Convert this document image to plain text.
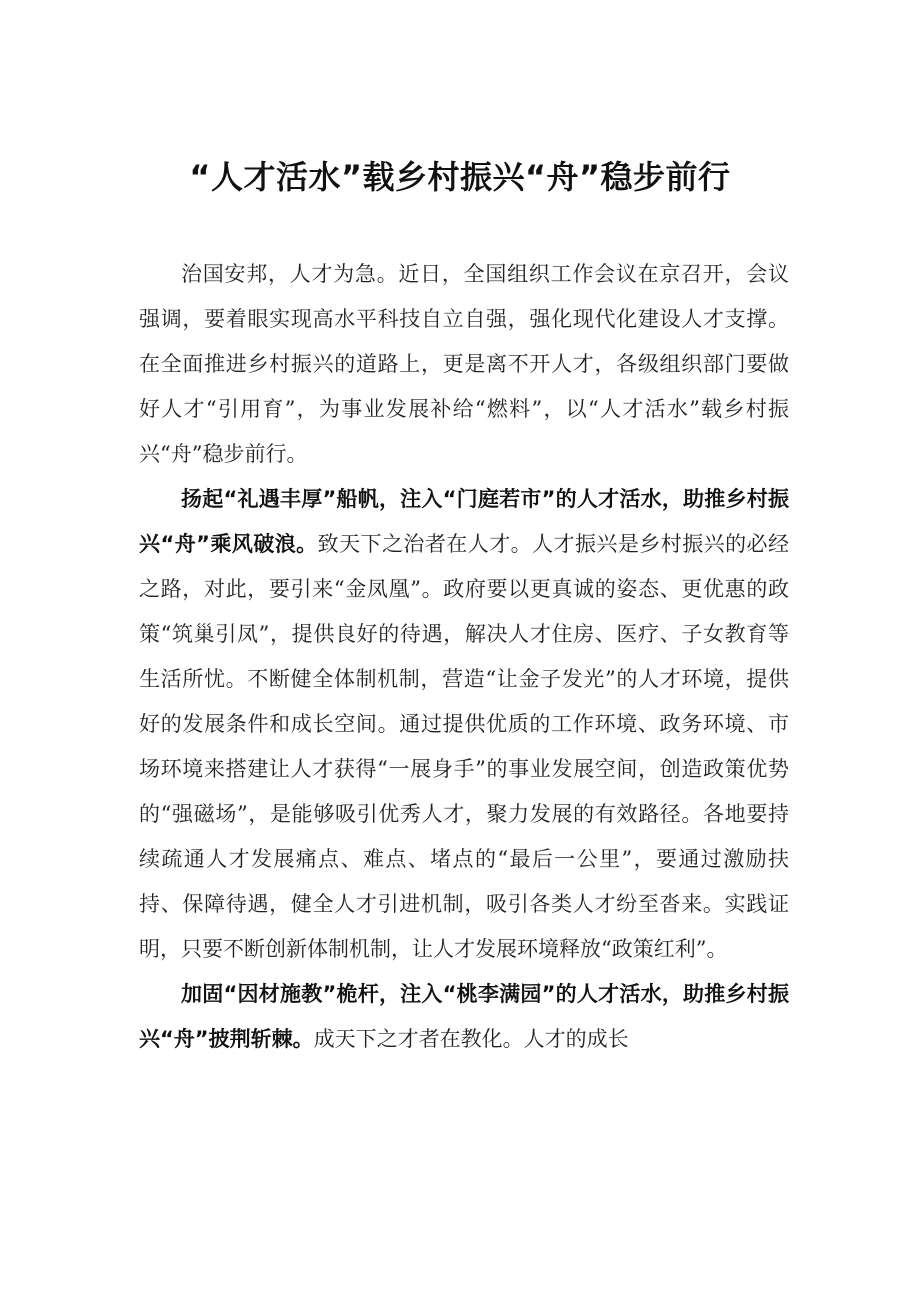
“人才活水”载乡村振兴“舟”稳步前行

治国安邦，人才为急。近日，全国组织工作会议在京召开，会议强调，要着眼实现高水平科技自立自强，强化现代化建设人才支撑。在全面推进乡村振兴的道路上，更是离不开人才，各级组织部门要做好人才“引用育”，为事业发展补给“燃料”，以“人才活水”载乡村振兴“舟”稳步前行。

扬起“礼遇丰厚”船帆，注入“门庭若市”的人才活水，助推乡村振兴“舟”乘风破浪。致天下之治者在人才。人才振兴是乡村振兴的必经之路，对此，要引来“金凤凰”。政府要以更真诚的姿态、更优惠的政策“筑巢引凤”，提供良好的待遇，解决人才住房、医疗、子女教育等生活所忧。不断健全体制机制，营造“让金子发光”的人才环境，提供好的发展条件和成长空间。通过提供优质的工作环境、政务环境、市场环境来搭建让人才获得“一展身手”的事业发展空间，创造政策优势的“强磁场”，是能够吸引优秀人才，聚力发展的有效路径。各地要持续疏通人才发展痛点、难点、堵点的“最后一公里”，要通过激励扶持、保障待遇，健全人才引进机制，吸引各类人才纷至沓来。实践证明，只要不断创新体制机制，让人才发展环境释放“政策红利”。

加固“因材施教”桅杆，注入“桃李满园”的人才活水，助推乡村振兴“舟”披荆斩棘。成天下之才者在教化。人才的成长
